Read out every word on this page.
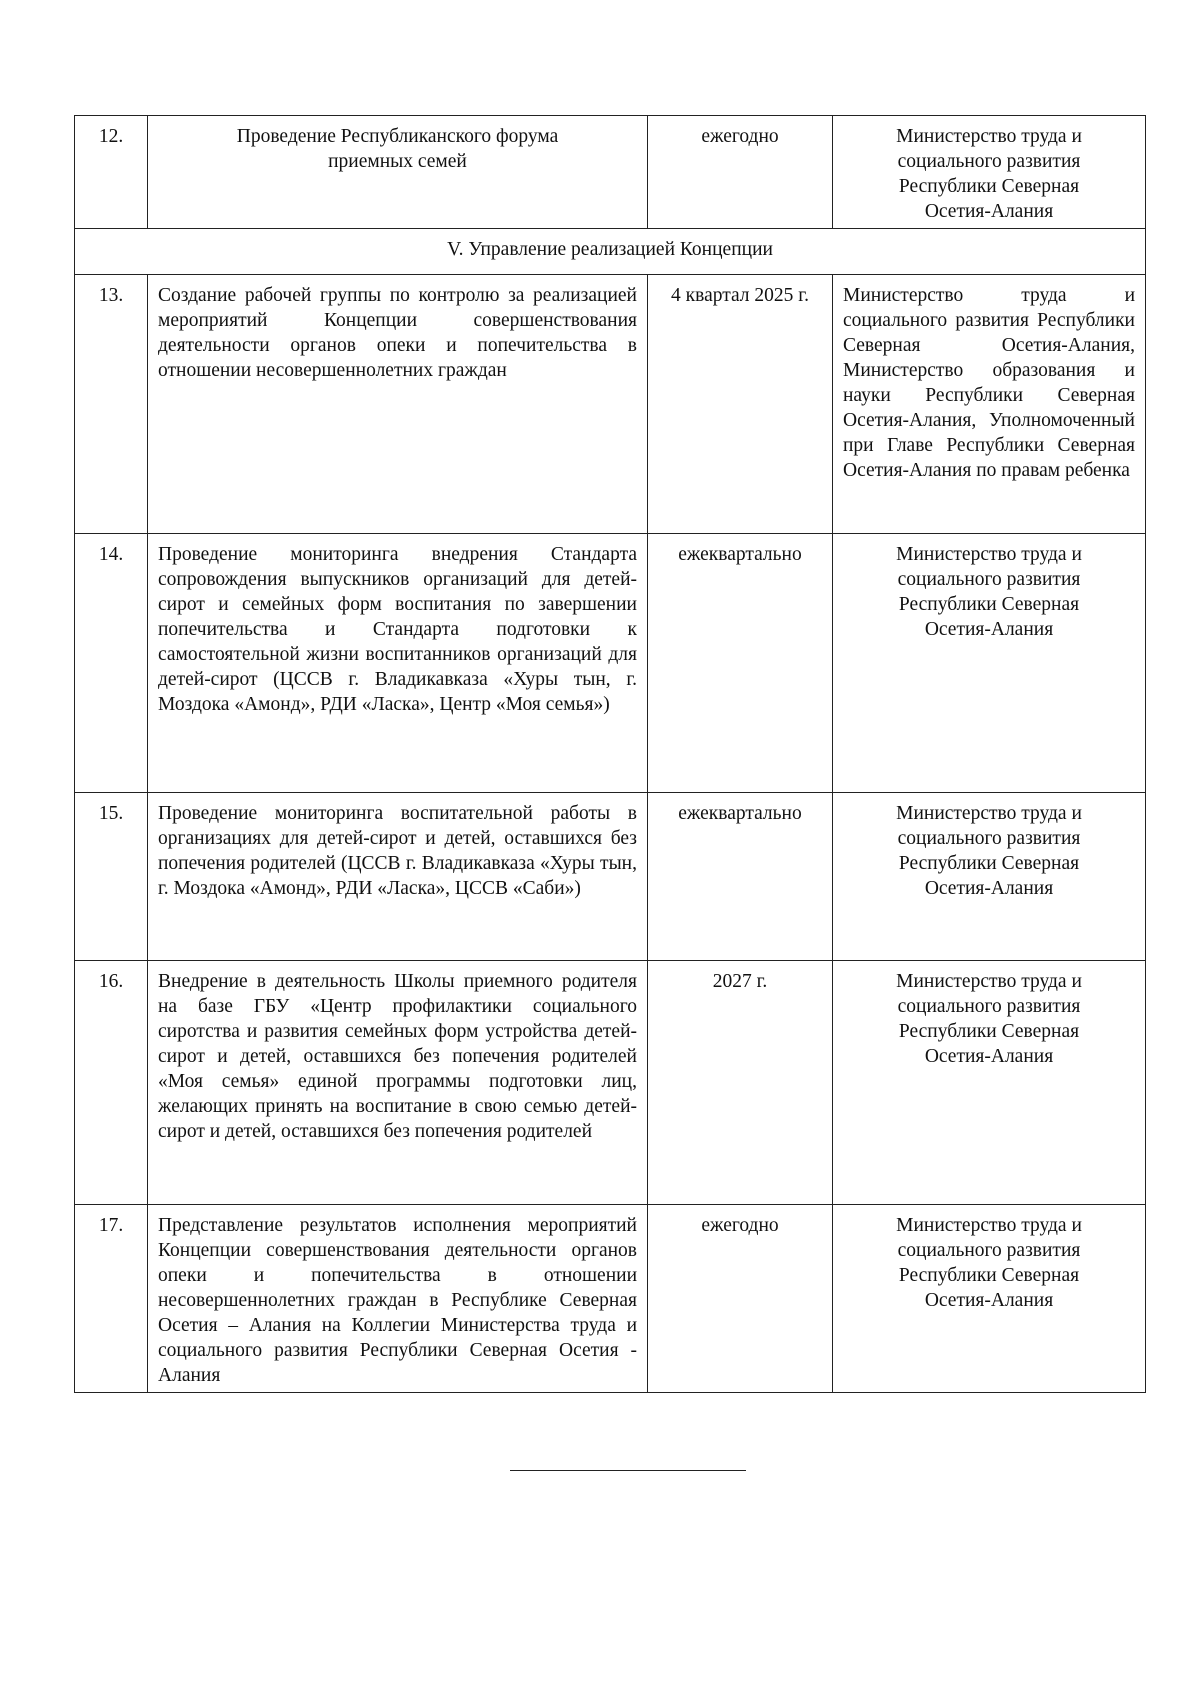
12.	Проведение Республиканского форума приемных семей	ежегодно	Министерство труда и социального развития Республики Северная Осетия-Алания
V. Управление реализацией Концепции			
13.	Создание рабочей группы по контролю за реализацией мероприятий Концепции совершенствования деятельности органов опеки и попечительства в отношении несовершеннолетних граждан	4 квартал 2025 г.	Министерство труда и социального развития Республики Северная Осетия-Алания, Министерство образования и науки Республики Северная Осетия-Алания, Уполномоченный при Главе Республики Северная Осетия-Алания по правам ребенка
14.	Проведение мониторинга внедрения Стандарта сопровождения выпускников организаций для детей-сирот и семейных форм воспитания по завершении попечительства и Стандарта подготовки к самостоятельной жизни воспитанников организаций для детей-сирот (ЦССВ г. Владикавказа «Хуры тын, г. Моздока «Амонд», РДИ «Ласка», Центр «Моя семья»)	ежеквартально	Министерство труда и социального развития Республики Северная Осетия-Алания
15.	Проведение мониторинга воспитательной работы в организациях для детей-сирот и детей, оставшихся без попечения родителей (ЦССВ г. Владикавказа «Хуры тын, г. Моздока «Амонд», РДИ «Ласка», ЦССВ «Саби»)	ежеквартально	Министерство труда и социального развития Республики Северная Осетия-Алания
16.	Внедрение в деятельность Школы приемного родителя на базе ГБУ «Центр профилактики социального сиротства и развития семейных форм устройства детей-сирот и детей, оставшихся без попечения родителей «Моя семья» единой программы подготовки лиц, желающих принять на воспитание в свою семью детей-сирот и детей, оставшихся без попечения родителей	2027 г.	Министерство труда и социального развития Республики Северная Осетия-Алания
17.	Представление результатов исполнения мероприятий Концепции совершенствования деятельности органов опеки и попечительства в отношении несовершеннолетних граждан в Республике Северная Осетия – Алания на Коллегии Министерства труда и социального развития Республики Северная Осетия - Алания	ежегодно	Министерство труда и социального развития Республики Северная Осетия-Алания
